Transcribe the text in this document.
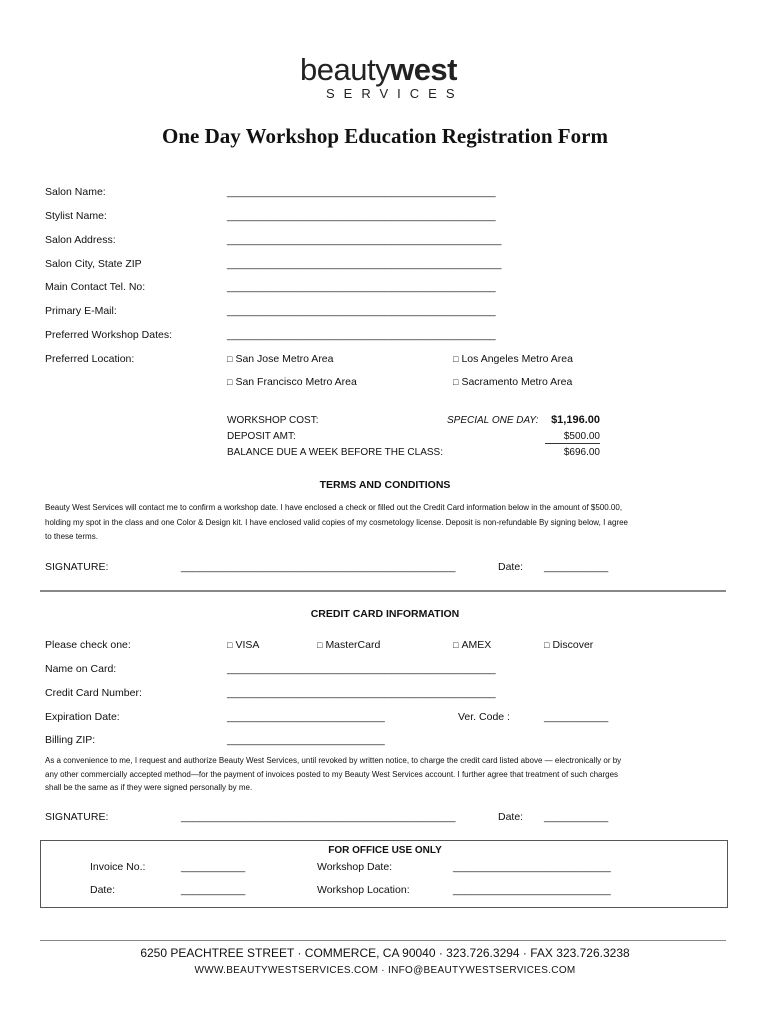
beautywest
SERVICES
One Day Workshop Education Registration Form
Salon Name:	______________________________________________
Stylist Name:	______________________________________________
Salon Address:	_______________________________________________
Salon City, State ZIP	_______________________________________________
Main Contact Tel. No:	______________________________________________
Primary E-Mail:	______________________________________________
Preferred Workshop Dates:	______________________________________________
Preferred Location:	□ San Jose Metro Area	□ Los Angeles Metro Area
□ San Francisco Metro Area	□ Sacramento Metro Area
WORKSHOP COST:	SPECIAL ONE DAY:	$1,196.00
DEPOSIT AMT:	$500.00
BALANCE DUE A WEEK BEFORE THE CLASS:	$696.00
TERMS AND CONDITIONS
Beauty West Services will contact me to confirm a workshop date. I have enclosed a check or filled out the Credit Card information below in the amount of $500.00,
holding my spot in the class and one Color & Design kit. I have enclosed valid copies of my cosmetology license. Deposit is non-refundable By signing below, I agree
to these terms.
SIGNATURE:	_______________________________________________	Date: ___________
CREDIT CARD INFORMATION
Please check one:	□ VISA	□ MasterCard	□ AMEX	□ Discover
Name on Card:	______________________________________________
Credit Card Number:	______________________________________________
Expiration Date:	___________________________	Ver. Code :	___________
Billing ZIP:	___________________________
As a convenience to me, I request and authorize Beauty West Services, until revoked by written notice, to charge the credit card listed above — electronically or by
any other commercially accepted method—for the payment of invoices posted to my Beauty West Services account. I further agree that treatment of such charges
shall be the same as if they were signed personally by me.
SIGNATURE:	_______________________________________________	Date: ___________
FOR OFFICE USE ONLY
Invoice No.:	___________	Workshop Date:	___________________________
Date:	___________	Workshop Location:	___________________________
6250 PEACHTREE STREET · COMMERCE, CA 90040 · 323.726.3294 · FAX 323.726.3238
WWW.BEAUTYWESTSERVICES.COM · INFO@BEAUTYWESTSERVICES.COM
